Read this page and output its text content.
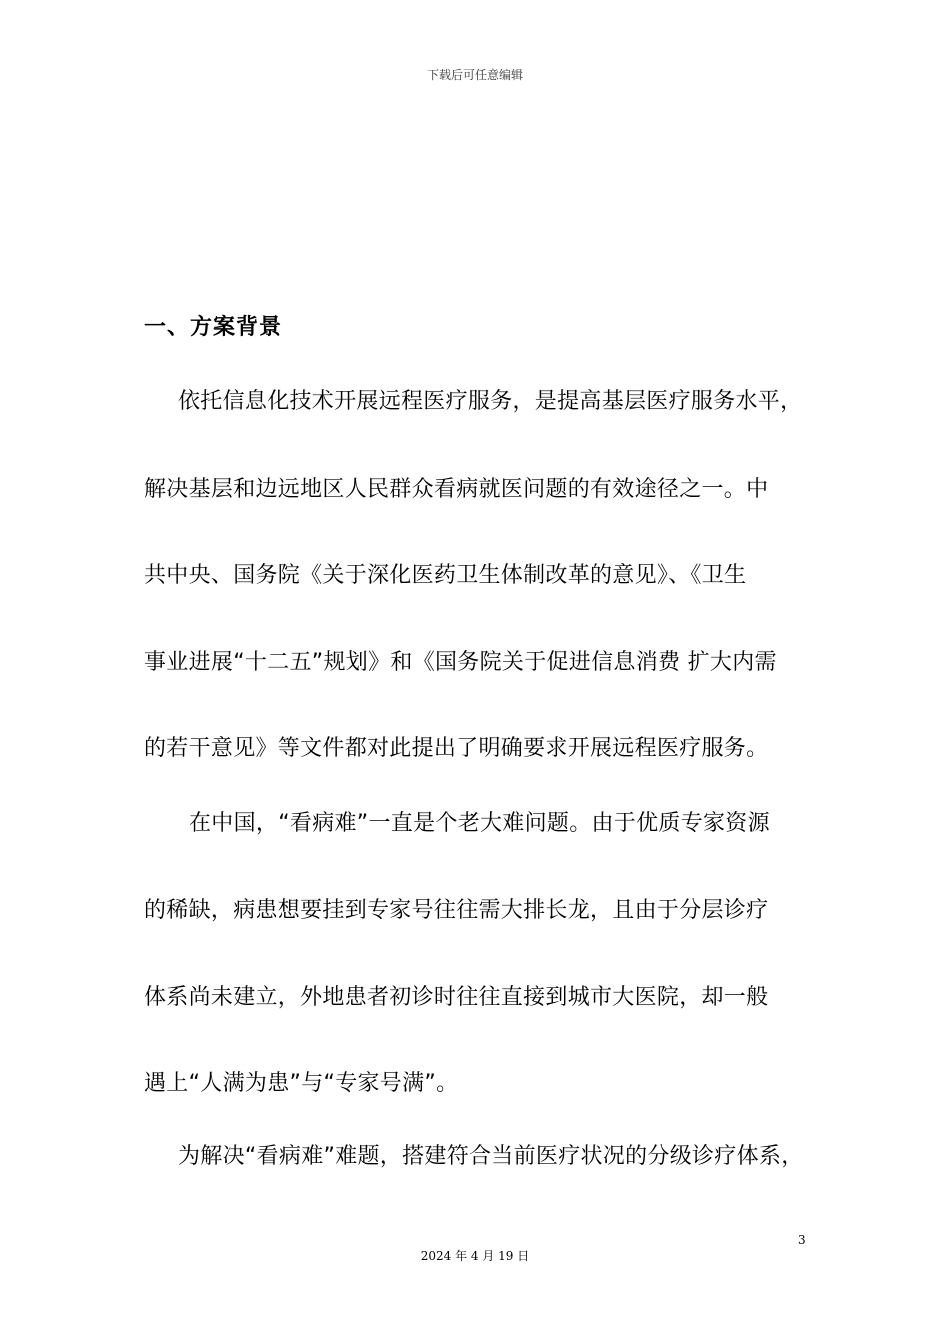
下载后可任意编辑
一、方案背景
依托信息化技术开展远程医疗服务，是提高基层医疗服务水平，
解决基层和边远地区人民群众看病就医问题的有效途径之一。中
共中央、国务院《关于深化医药卫生体制改革的意见》、《卫生
事业进展“十二五”规划》和《国务院关于促进信息消费 扩大内需
的若干意见》等文件都对此提出了明确要求开展远程医疗服务。
在中国，“看病难”一直是个老大难问题。由于优质专家资源
的稀缺，病患想要挂到专家号往往需大排长龙，且由于分层诊疗
体系尚未建立，外地患者初诊时往往直接到城市大医院，却一般
遇上“人满为患”与“专家号满”。
为解决“看病难”难题，搭建符合当前医疗状况的分级诊疗体系，
3
2024 年 4 月 19 日
